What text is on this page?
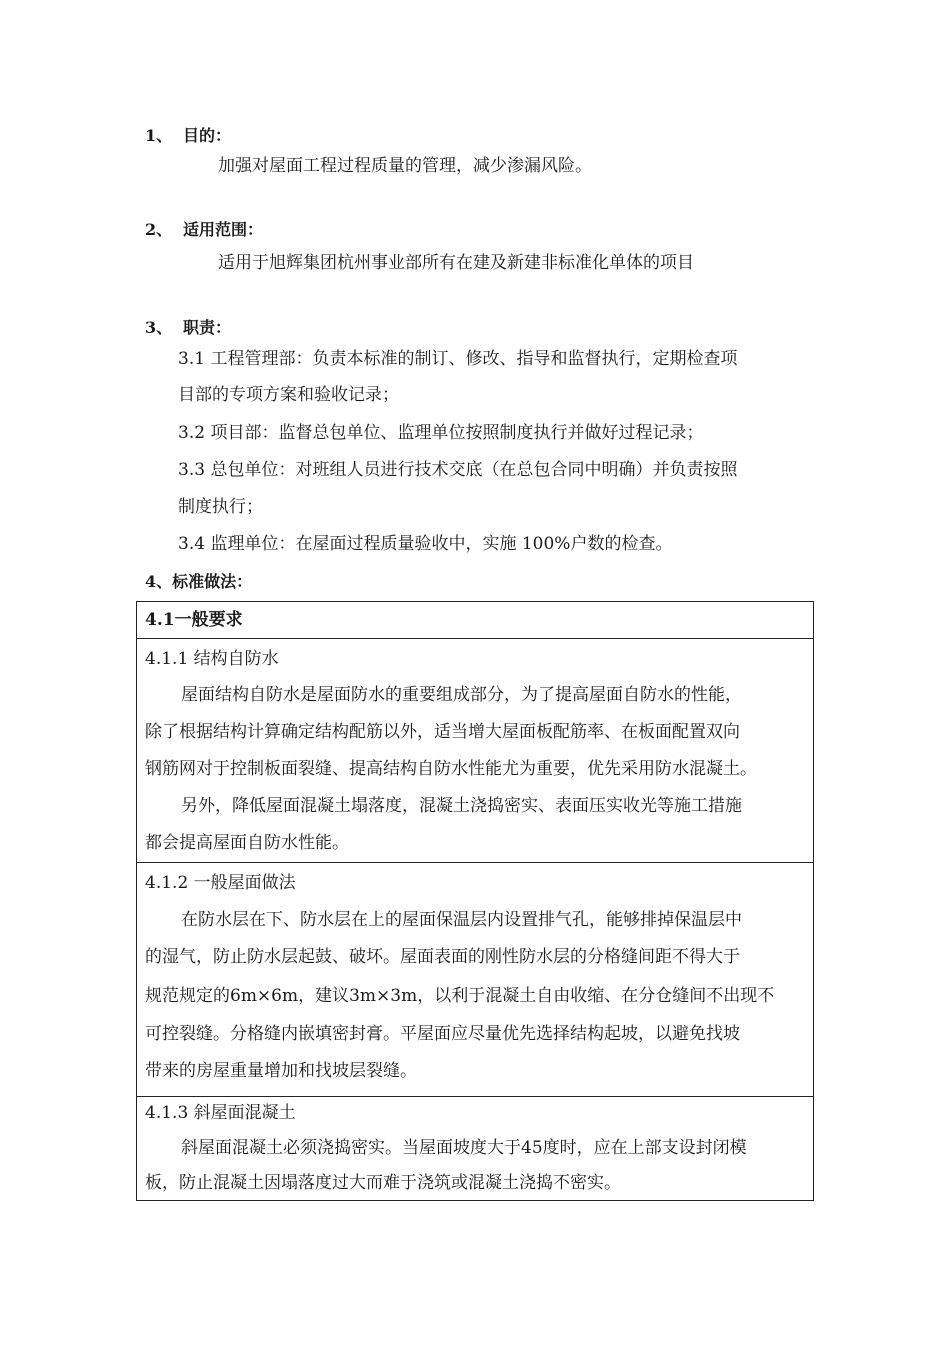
1、 目的：
加强对屋面工程过程质量的管理，减少渗漏风险。
2、 适用范围：
适用于旭辉集团杭州事业部所有在建及新建非标准化单体的项目
3、 职责：
3.1 工程管理部：负责本标准的制订、修改、指导和监督执行，定期检查项
目部的专项方案和验收记录；
3.2 项目部：监督总包单位、监理单位按照制度执行并做好过程记录；
3.3 总包单位：对班组人员进行技术交底（在总包合同中明确）并负责按照
制度执行；
3.4 监理单位：在屋面过程质量验收中，实施 100%户数的检查。
4、标准做法：
4.1一般要求
4.1.1 结构自防水
屋面结构自防水是屋面防水的重要组成部分，为了提高屋面自防水的性能，
除了根据结构计算确定结构配筋以外，适当增大屋面板配筋率、在板面配置双向
钢筋网对于控制板面裂缝、提高结构自防水性能尤为重要，优先采用防水混凝土。
另外，降低屋面混凝土塌落度，混凝土浇捣密实、表面压实收光等施工措施
都会提高屋面自防水性能。
4.1.2 一般屋面做法
在防水层在下、防水层在上的屋面保温层内设置排气孔，能够排掉保温层中
的湿气，防止防水层起鼓、破坏。屋面表面的刚性防水层的分格缝间距不得大于
规范规定的6m×6m，建议3m×3m，以利于混凝土自由收缩、在分仓缝间不出现不
可控裂缝。分格缝内嵌填密封膏。平屋面应尽量优先选择结构起坡，以避免找坡
带来的房屋重量增加和找坡层裂缝。
4.1.3 斜屋面混凝土
斜屋面混凝土必须浇捣密实。当屋面坡度大于45度时，应在上部支设封闭模
板，防止混凝土因塌落度过大而难于浇筑或混凝土浇捣不密实。
